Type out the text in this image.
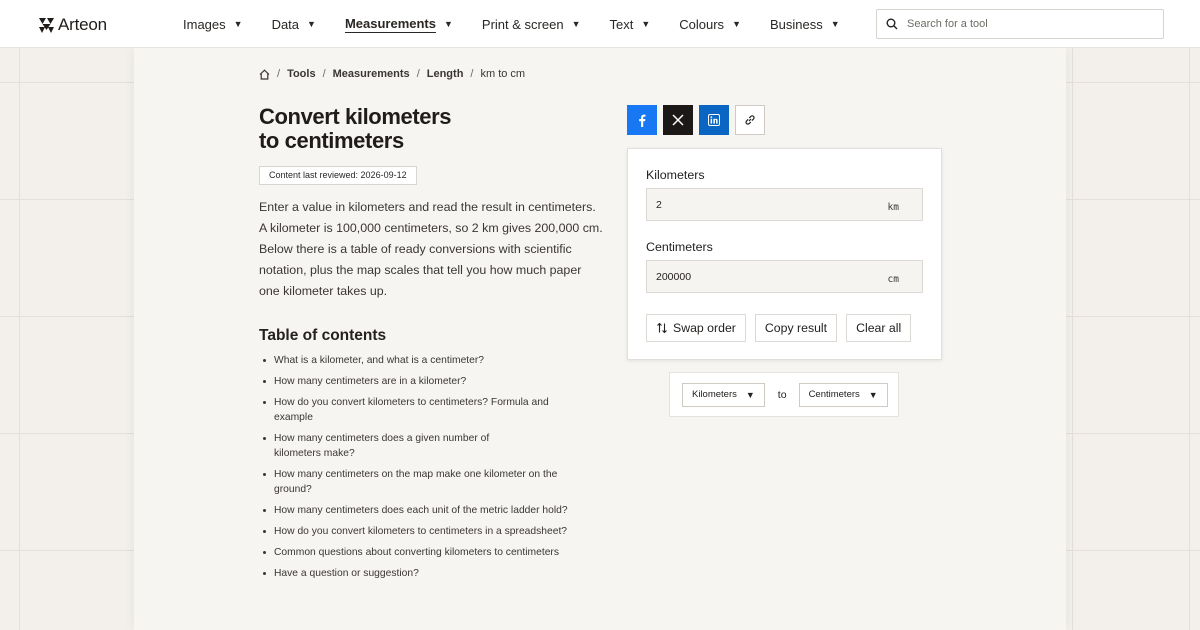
Arteon	Images ▼ Data ▼ Measurements ▼ Print & screen ▼ Text ▼ Colours ▼ Business ▼
Search for a tool
/ Tools / Measurements / Length / km to cm
Convert kilometers
to centimeters
Content last reviewed: 2026-09-12

Enter a value in kilometers and read the result in centimeters. A kilometer is 100,000 centimeters, so 2 km gives 200,000 cm. Below there is a table of ready conversions with scientific notation, plus the map scales that tell you how much paper one kilometer takes up.

Table of contents
What is a kilometer, and what is a centimeter?
How many centimeters are in a kilometer?
How do you convert kilometers to centimeters? Formula and example
How many centimeters does a given number of kilometers make?
How many centimeters on the map make one kilometer on the ground?
How many centimeters does each unit of the metric ladder hold?
How do you convert kilometers to centimeters in a spreadsheet?
Common questions about converting kilometers to centimeters
Have a question or suggestion?
Kilometers
2
km
Centimeters
200000
cm
Swap order	Copy result	Clear all
Kilometers ▼ to Centimeters ▼
